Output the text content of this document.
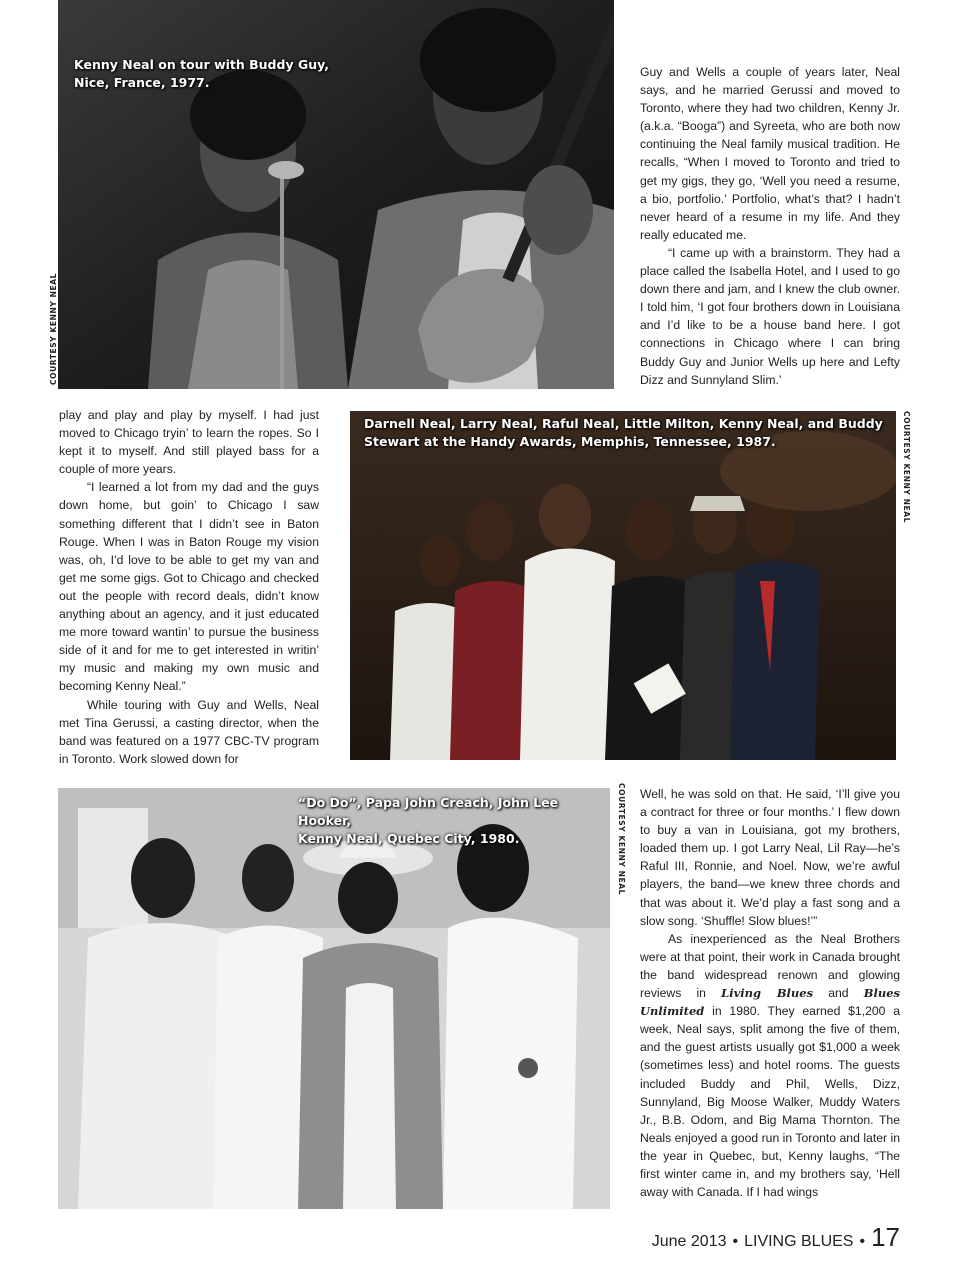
Kenny Neal on tour with Buddy Guy,
Nice, France, 1977.
COURTESY KENNY NEAL

Guy and Wells a couple of years later, Neal says, and he married Gerussi and moved to Toronto, where they had two children, Kenny Jr. (a.k.a. “Booga”) and Syreeta, who are both now continuing the Neal family musical tradition. He recalls, “When I moved to Toronto and tried to get my gigs, they go, ‘Well you need a resume, a bio, portfolio.’ Portfolio, what’s that? I hadn’t never heard of a resume in my life. And they really educated me.

“I came up with a brainstorm. They had a place called the Isabella Hotel, and I used to go down there and jam, and I knew the club owner. I told him, ‘I got four brothers down in Louisiana and I’d like to be a house band here. I got connections in Chicago where I can bring Buddy Guy and Junior Wells up here and Lefty Dizz and Sunnyland Slim.’

play and play and play by myself. I had just moved to Chicago tryin’ to learn the ropes. So I kept it to myself. And still played bass for a couple of more years.

“I learned a lot from my dad and the guys down home, but goin’ to Chicago I saw something different that I didn’t see in Baton Rouge. When I was in Baton Rouge my vision was, oh, I’d love to be able to get my van and get me some gigs. Got to Chicago and checked out the people with record deals, didn’t know anything about an agency, and it just educated me more toward wantin’ to pursue the business side of it and for me to get interested in writin’ my music and making my own music and becoming Kenny Neal.”

While touring with Guy and Wells, Neal met Tina Gerussi, a casting director, when the band was featured on a 1977 CBC-TV program in Toronto. Work slowed down for

Darnell Neal, Larry Neal, Raful Neal, Little Milton, Kenny Neal, and Buddy
Stewart at the Handy Awards, Memphis, Tennessee, 1987.	COURTESY KENNY NEAL
“Do Do”, Papa John Creach, John Lee Hooker,
Kenny Neal, Quebec City, 1980.	COURTESY KENNY NEAL Well, he was sold on that. He said, ‘I’ll give you a contract for three or four months.’ I flew down to buy a van in Louisiana, got my brothers, loaded them up. I got Larry Neal, Lil Ray—he’s Raful III, Ronnie, and Noel. Now, we’re awful players, the band—we knew three chords and that was about it. We’d play a fast song and a slow song. ‘Shuffle! Slow blues!’”

As inexperienced as the Neal Brothers were at that point, their work in Canada brought the band widespread renown and glowing reviews in Living Blues and Blues Unlimited in 1980. They earned $1,200 a week, Neal says, split among the five of them, and the guest artists usually got $1,000 a week (sometimes less) and hotel rooms. The guests included Buddy and Phil, Wells, Dizz, Sunnyland, Big Moose Walker, Muddy Waters Jr., B.B. Odom, and Big Mama Thornton. The Neals enjoyed a good run in Toronto and later in the year in Quebec, but, Kenny laughs, “The first winter came in, and my brothers say, ‘Hell away with Canada. If I had wings

June 2013 • LIVING BLUES • 17
